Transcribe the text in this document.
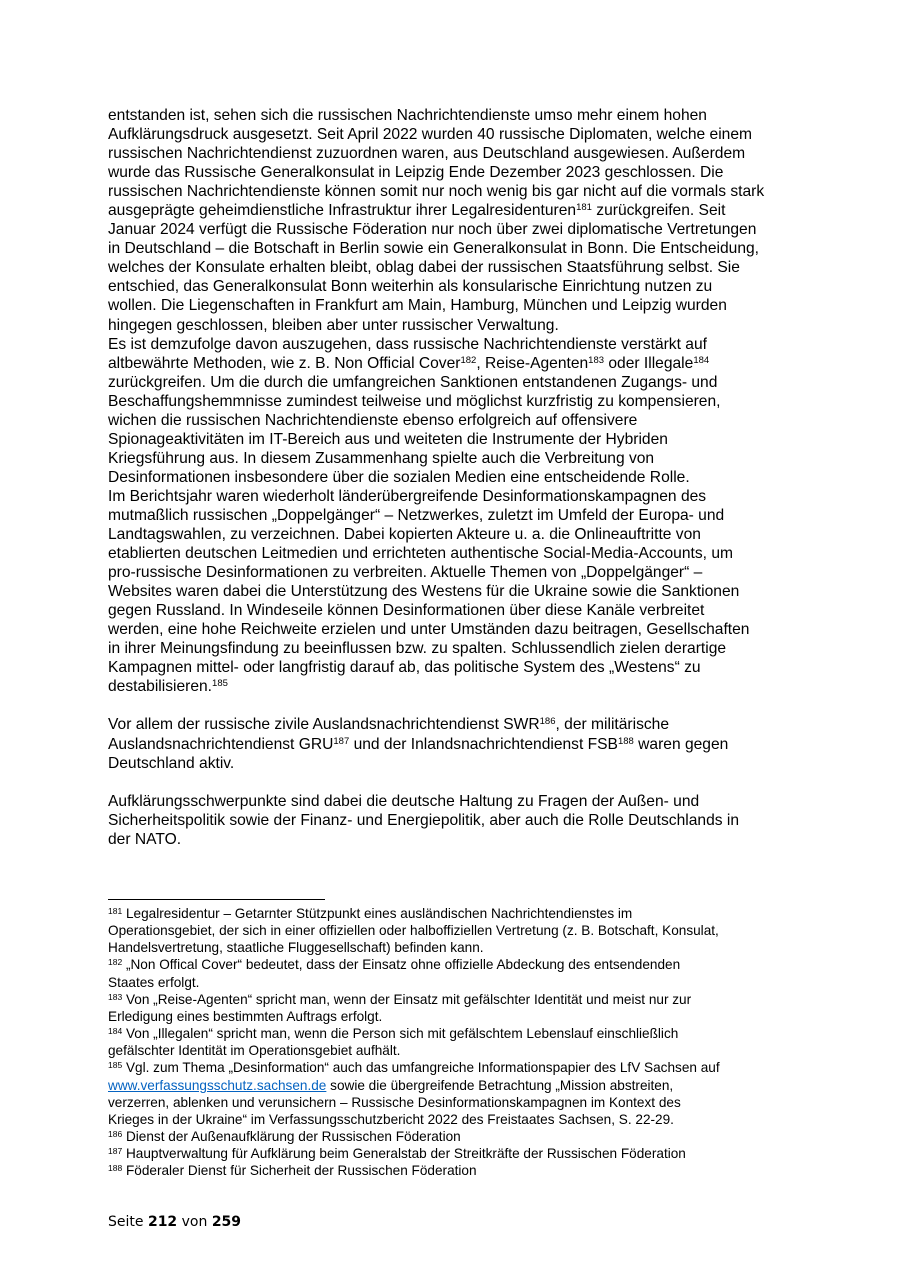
entstanden ist, sehen sich die russischen Nachrichtendienste umso mehr einem hohen
Aufklärungsdruck ausgesetzt. Seit April 2022 wurden 40 russische Diplomaten, welche einem
russischen Nachrichtendienst zuzuordnen waren, aus Deutschland ausgewiesen. Außerdem
wurde das Russische Generalkonsulat in Leipzig Ende Dezember 2023 geschlossen. Die
russischen Nachrichtendienste können somit nur noch wenig bis gar nicht auf die vormals stark
ausgeprägte geheimdienstliche Infrastruktur ihrer Legalresidenturen$^{181}$ zurückgreifen. Seit
Januar 2024 verfügt die Russische Föderation nur noch über zwei diplomatische Vertretungen
in Deutschland – die Botschaft in Berlin sowie ein Generalkonsulat in Bonn. Die Entscheidung,
welches der Konsulate erhalten bleibt, oblag dabei der russischen Staatsführung selbst. Sie
entschied, das Generalkonsulat Bonn weiterhin als konsularische Einrichtung nutzen zu
wollen. Die Liegenschaften in Frankfurt am Main, Hamburg, München und Leipzig wurden
hingegen geschlossen, bleiben aber unter russischer Verwaltung.

Es ist demzufolge davon auszugehen, dass russische Nachrichtendienste verstärkt auf
altbewährte Methoden, wie z. B. Non Official Cover$^{182}$, Reise-Agenten$^{183}$ oder Illegale$^{184}$
zurückgreifen. Um die durch die umfangreichen Sanktionen entstandenen Zugangs- und
Beschaffungshemmnisse zumindest teilweise und möglichst kurzfristig zu kompensieren,
wichen die russischen Nachrichtendienste ebenso erfolgreich auf offensivere
Spionageaktivitäten im IT-Bereich aus und weiteten die Instrumente der Hybriden
Kriegsführung aus. In diesem Zusammenhang spielte auch die Verbreitung von
Desinformationen insbesondere über die sozialen Medien eine entscheidende Rolle.

Im Berichtsjahr waren wiederholt länderübergreifende Desinformationskampagnen des
mutmaßlich russischen „Doppelgänger“ – Netzwerkes, zuletzt im Umfeld der Europa- und
Landtagswahlen, zu verzeichnen. Dabei kopierten Akteure u. a. die Onlineauftritte von
etablierten deutschen Leitmedien und errichteten authentische Social-Media-Accounts, um
pro-russische Desinformationen zu verbreiten. Aktuelle Themen von „Doppelgänger“ –
Websites waren dabei die Unterstützung des Westens für die Ukraine sowie die Sanktionen
gegen Russland. In Windeseile können Desinformationen über diese Kanäle verbreitet
werden, eine hohe Reichweite erzielen und unter Umständen dazu beitragen, Gesellschaften
in ihrer Meinungsfindung zu beeinflussen bzw. zu spalten. Schlussendlich zielen derartige
Kampagnen mittel- oder langfristig darauf ab, das politische System des „Westens“ zu
destabilisieren.$^{185}$

Vor allem der russische zivile Auslandsnachrichtendienst SWR$^{186}$, der militärische
Auslandsnachrichtendienst GRU$^{187}$ und der Inlandsnachrichtendienst FSB$^{188}$ waren gegen
Deutschland aktiv.

Aufklärungsschwerpunkte sind dabei die deutsche Haltung zu Fragen der Außen- und
Sicherheitspolitik sowie der Finanz- und Energiepolitik, aber auch die Rolle Deutschlands in
der NATO.

$^{181}$ Legalresidentur – Getarnter Stützpunkt eines ausländischen Nachrichtendienstes im
Operationsgebiet, der sich in einer offiziellen oder halboffiziellen Vertretung (z. B. Botschaft, Konsulat,
Handelsvertretung, staatliche Fluggesellschaft) befinden kann.

$^{182}$ „Non Offical Cover“ bedeutet, dass der Einsatz ohne offizielle Abdeckung des entsendenden
Staates erfolgt.

$^{183}$ Von „Reise-Agenten“ spricht man, wenn der Einsatz mit gefälschter Identität und meist nur zur
Erledigung eines bestimmten Auftrags erfolgt.

$^{184}$ Von „Illegalen“ spricht man, wenn die Person sich mit gefälschtem Lebenslauf einschließlich
gefälschter Identität im Operationsgebiet aufhält.

$^{185}$ Vgl. zum Thema „Desinformation“ auch das umfangreiche Informationspapier des LfV Sachsen auf
www.verfassungsschutz.sachsen.de sowie die übergreifende Betrachtung „Mission abstreiten,
verzerren, ablenken und verunsichern – Russische Desinformationskampagnen im Kontext des
Krieges in der Ukraine“ im Verfassungsschutzbericht 2022 des Freistaates Sachsen, S. 22-29.

$^{186}$ Dienst der Außenaufklärung der Russischen Föderation

$^{187}$ Hauptverwaltung für Aufklärung beim Generalstab der Streitkräfte der Russischen Föderation

$^{188}$ Föderaler Dienst für Sicherheit der Russischen Föderation

Seite 212 von 259
